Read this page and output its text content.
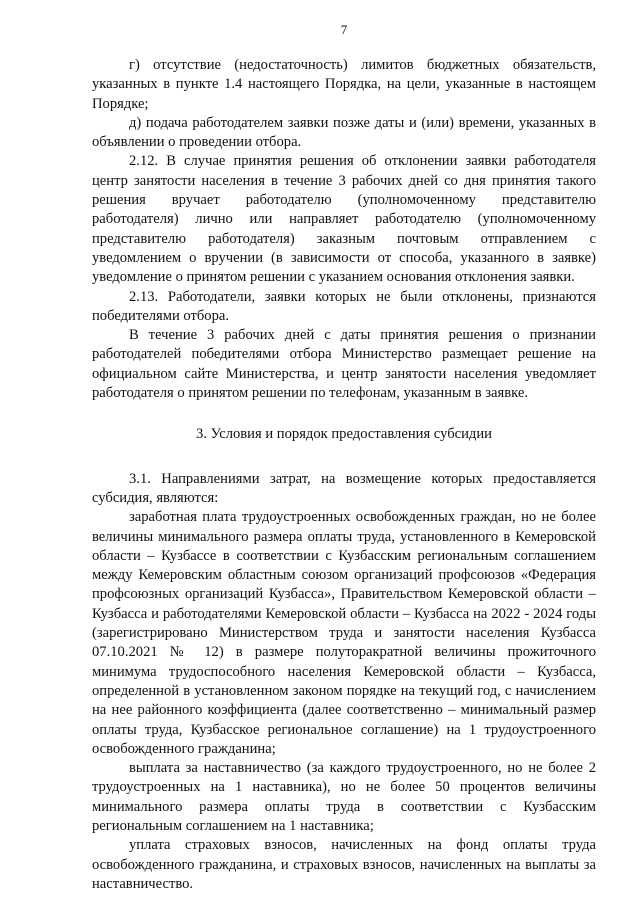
7

г) отсутствие (недостаточность) лимитов бюджетных обязательств, указанных в пункте 1.4 настоящего Порядка, на цели, указанные в настоящем Порядке;

д) подача работодателем заявки позже даты и (или) времени, указанных в объявлении о проведении отбора.

2.12. В случае принятия решения об отклонении заявки работодателя центр занятости населения в течение 3 рабочих дней со дня принятия такого решения вручает работодателю (уполномоченному представителю работодателя) лично или направляет работодателю (уполномоченному представителю работодателя) заказным почтовым отправлением с уведомлением о вручении (в зависимости от способа, указанного в заявке) уведомление о принятом решении с указанием основания отклонения заявки.

2.13. Работодатели, заявки которых не были отклонены, признаются победителями отбора.

В течение 3 рабочих дней с даты принятия решения о признании работодателей победителями отбора Министерство размещает решение на официальном сайте Министерства, и центр занятости населения уведомляет работодателя о принятом решении по телефонам, указанным в заявке.

3. Условия и порядок предоставления субсидии

3.1. Направлениями затрат, на возмещение которых предоставляется субсидия, являются:

заработная плата трудоустроенных освобожденных граждан, но не более величины минимального размера оплаты труда, установленного в Кемеровской области – Кузбассе в соответствии с Кузбасским региональным соглашением между Кемеровским областным союзом организаций профсоюзов «Федерация профсоюзных организаций Кузбасса», Правительством Кемеровской области – Кузбасса и работодателями Кемеровской области – Кузбасса на 2022 - 2024 годы (зарегистрировано Министерством труда и занятости населения Кузбасса 07.10.2021 № 12) в размере полуторакратной величины прожиточного минимума трудоспособного населения Кемеровской области – Кузбасса, определенной в установленном законом порядке на текущий год, с начислением на нее районного коэффициента (далее соответственно – минимальный размер оплаты труда, Кузбасское региональное соглашение) на 1 трудоустроенного освобожденного гражданина;

выплата за наставничество (за каждого трудоустроенного, но не более 2 трудоустроенных на 1 наставника), но не более 50 процентов величины минимального размера оплаты труда в соответствии с Кузбасским региональным соглашением на 1 наставника;

уплата страховых взносов, начисленных на фонд оплаты труда освобожденного гражданина, и страховых взносов, начисленных на выплаты за наставничество.
